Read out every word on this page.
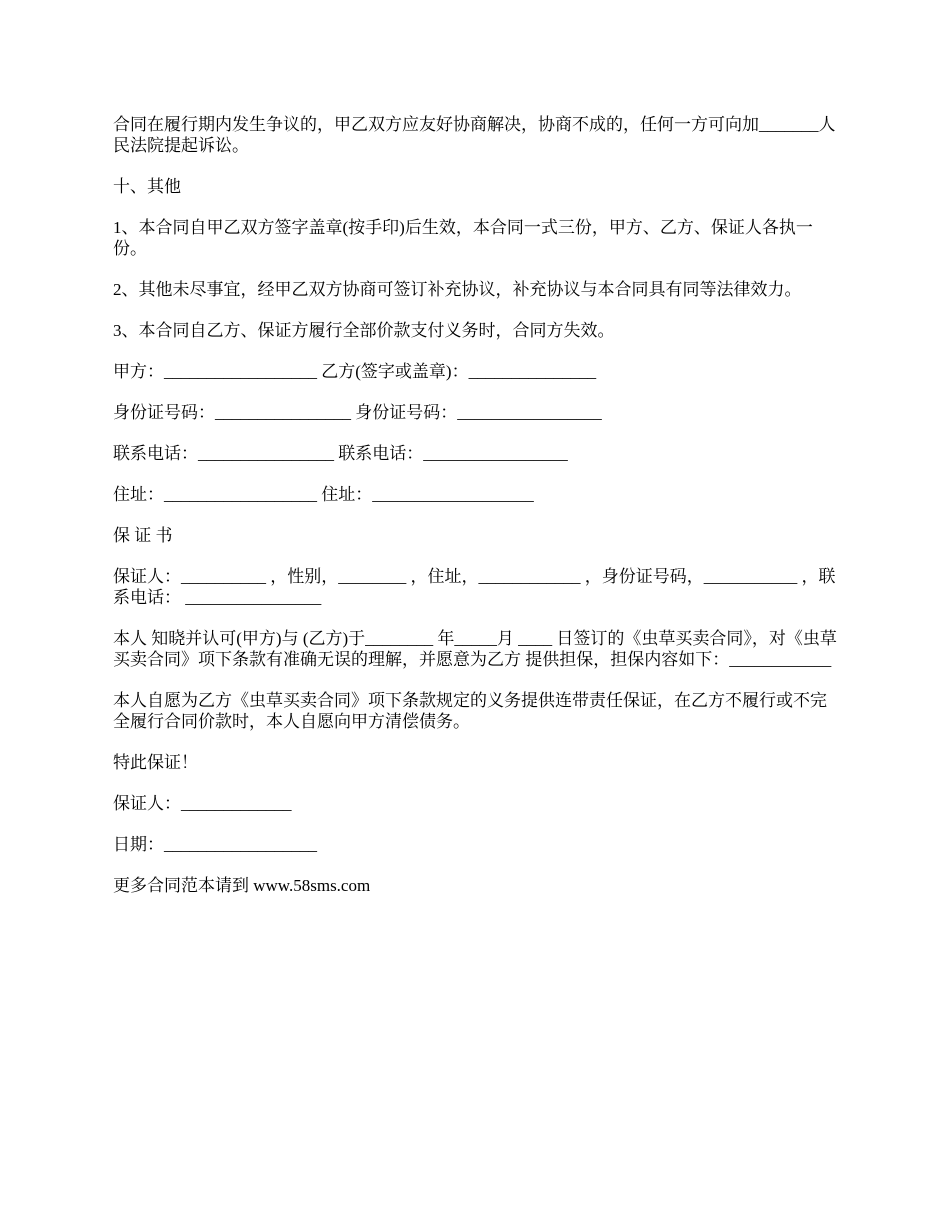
合同在履行期内发生争议的，甲乙双方应友好协商解决，协商不成的，任何一方可向加_______人民法院提起诉讼。

十、其他

1、本合同自甲乙双方签字盖章(按手印)后生效，本合同一式三份，甲方、乙方、保证人各执一份。

2、其他未尽事宜，经甲乙双方协商可签订补充协议，补充协议与本合同具有同等法律效力。

3、本合同自乙方、保证方履行全部价款支付义务时，合同方失效。

甲方：__________________ 乙方(签字或盖章)：_______________

身份证号码：________________ 身份证号码：_________________

联系电话：________________ 联系电话：_________________

住址：__________________ 住址：___________________

保 证 书

保证人：__________ ，性别，________ ，住址，____________ ，身份证号码，___________ ，联系电话： ________________

本人 知晓并认可(甲方)与 (乙方)于________ 年_____月 ____ 日签订的《虫草买卖合同》，对《虫草买卖合同》项下条款有准确无误的理解，并愿意为乙方 提供担保，担保内容如下：____________

本人自愿为乙方《虫草买卖合同》项下条款规定的义务提供连带责任保证，在乙方不履行或不完全履行合同价款时，本人自愿向甲方清偿债务。

特此保证！

保证人：_____________

日期：__________________

更多合同范本请到 www.58sms.com
